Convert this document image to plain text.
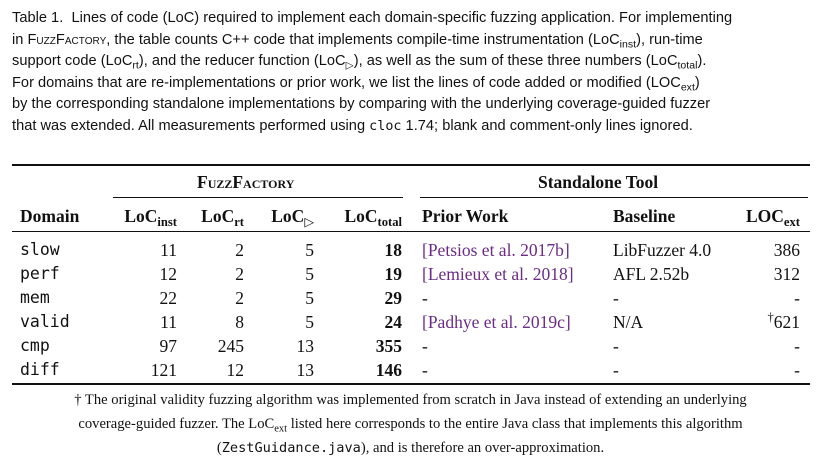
Table 1. Lines of code (LoC) required to implement each domain-specific fuzzing application. For implementing
in FuzzFactory, the table counts C++ code that implements compile-time instrumentation (LoC$_{inst}$), run-time
support code (LoC$_{rt}$), and the reducer function (LoC$_▷$), as well as the sum of these three numbers (LoC$_{total}$).
For domains that are re-implementations or prior work, we list the lines of code added or modified $(LOC_{ext})$
by the corresponding standalone implementations by comparing with the underlying coverage-guided fuzzer
that was extended. All measurements performed using cloc 1.74; blank and comment-only lines ignored.
FuzzFactory	Standalone Tool
Domain	LoC$_{inst}$	LoC$_{rt}$	LoC$_▷$	LoC$_{total}$ Prior Work	Baseline	$LOC_{ext}$
slow	11	2	5	18 [Petsios et al. 2017b] LibFuzzer 4.0	386
perf	12	2	5	19 [Lemieux et al. 2018] AFL 2.52b	312
mem	22	2	5	29 -	-	-
valid	11	8	5	24 [Padhye et al. 2019c] N/A	†621
cmp	97	245	13	355 -	-	-
diff	121	12	13	146 -	-	-
† The original validity fuzzing algorithm was implemented from scratch in Java instead of extending an underlying
coverage-guided fuzzer. The LoC$_{ext}$ listed here corresponds to the entire Java class that implements this algorithm
(ZestGuidance.java), and is therefore an over-approximation.
